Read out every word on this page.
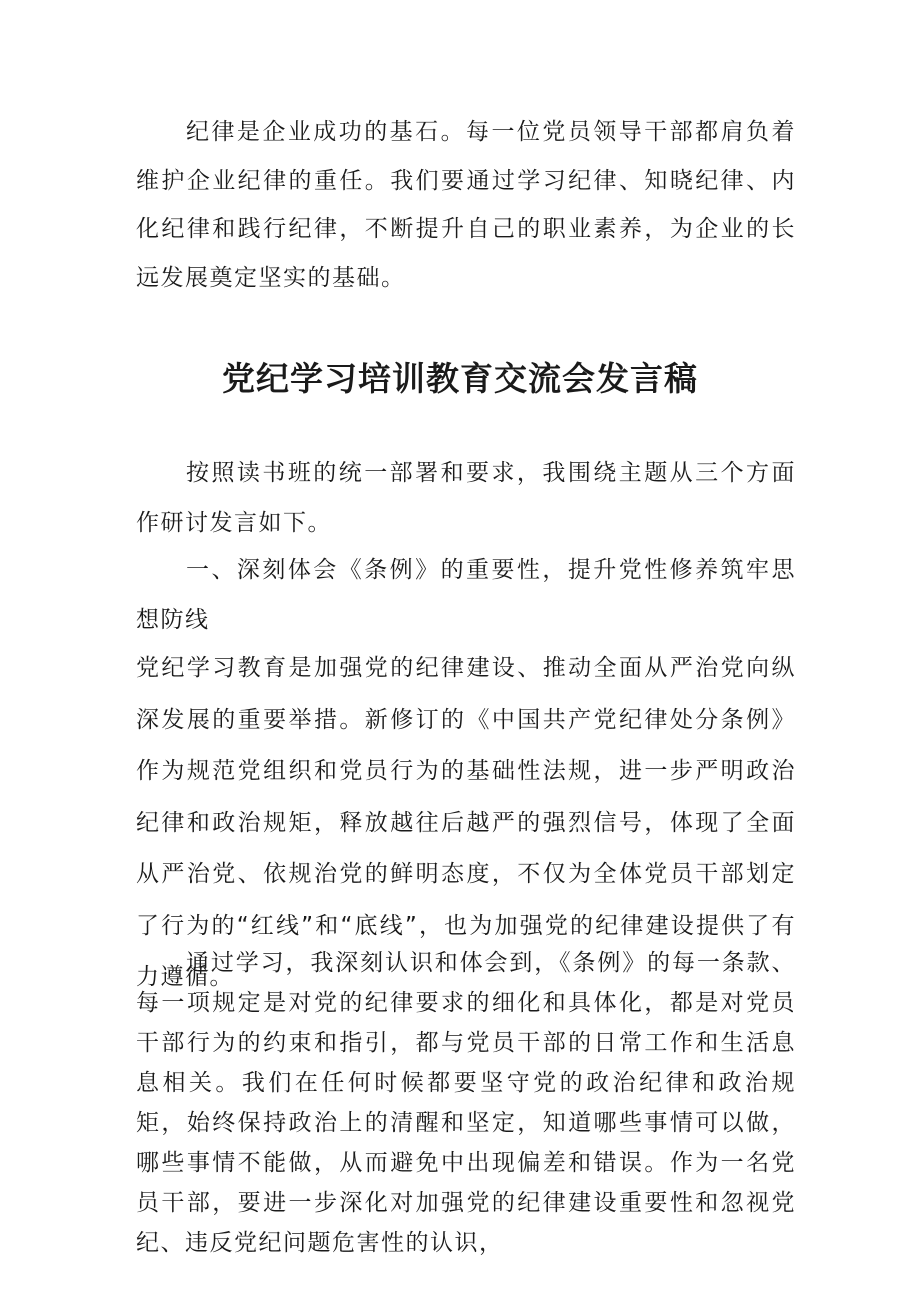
纪律是企业成功的基石。每一位党员领导干部都肩负着维护企业纪律的重任。我们要通过学习纪律、知晓纪律、内化纪律和践行纪律，不断提升自己的职业素养，为企业的长远发展奠定坚实的基础。

党纪学习培训教育交流会发言稿

按照读书班的统一部署和要求，我围绕主题从三个方面作研讨发言如下。

一、深刻体会《条例》的重要性，提升党性修养筑牢思想防线

党纪学习教育是加强党的纪律建设、推动全面从严治党向纵深发展的重要举措。新修订的《中国共产党纪律处分条例》作为规范党组织和党员行为的基础性法规，进一步严明政治纪律和政治规矩，释放越往后越严的强烈信号，体现了全面从严治党、依规治党的鲜明态度，不仅为全体党员干部划定了行为的“红线”和“底线”，也为加强党的纪律建设提供了有力遵循。

通过学习，我深刻认识和体会到，《条例》的每一条款、每一项规定是对党的纪律要求的细化和具体化，都是对党员干部行为的约束和指引，都与党员干部的日常工作和生活息息相关。我们在任何时候都要坚守党的政治纪律和政治规矩，始终保持政治上的清醒和坚定，知道哪些事情可以做，哪些事情不能做，从而避免中出现偏差和错误。作为一名党员干部，要进一步深化对加强党的纪律建设重要性和忽视党纪、违反党纪问题危害性的认识，
